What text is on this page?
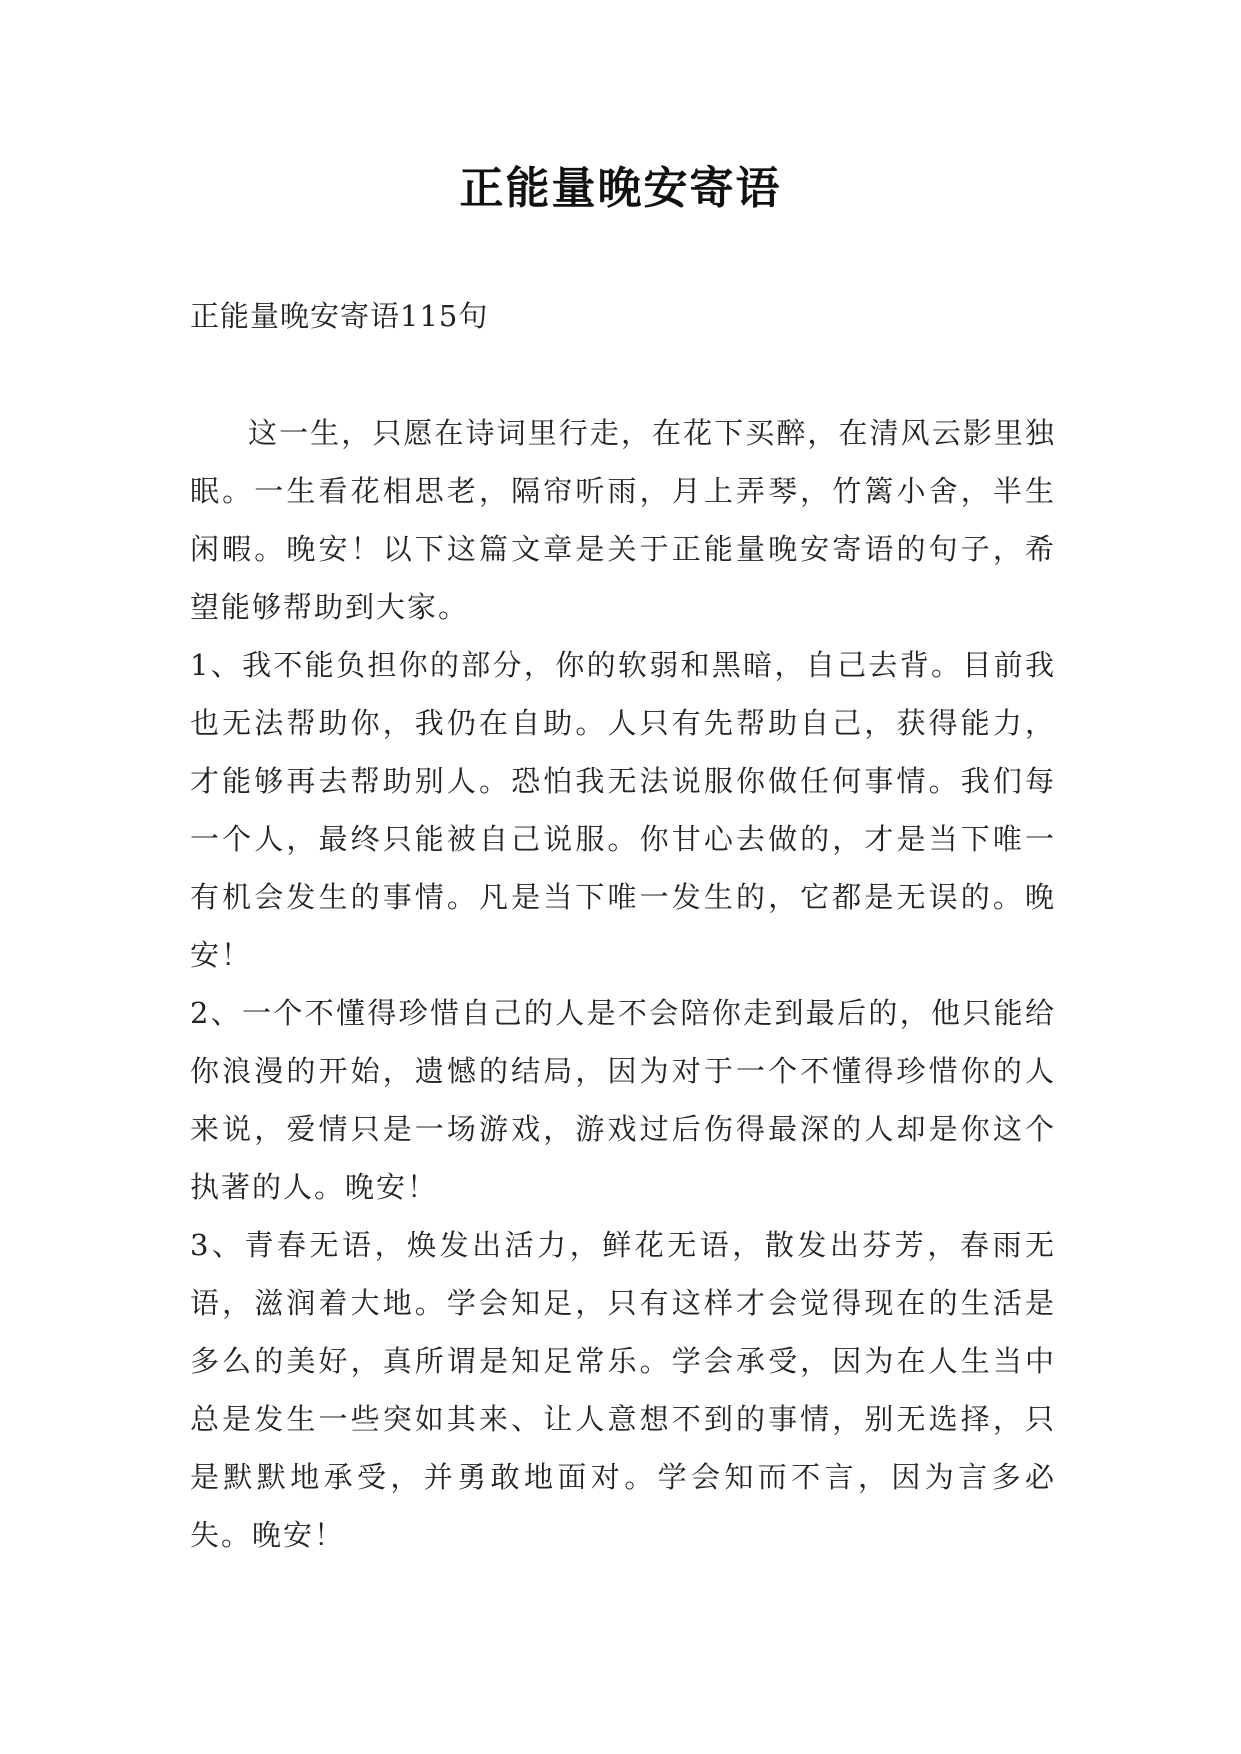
正能量晚安寄语

正能量晚安寄语115句

这一生，只愿在诗词里行走，在花下买醉，在清风云影里独眠。一生看花相思老，隔帘听雨，月上弄琴，竹篱小舍，半生闲暇。晚安！以下这篇文章是关于正能量晚安寄语的句子，希望能够帮助到大家。

1、我不能负担你的部分，你的软弱和黑暗，自己去背。目前我也无法帮助你，我仍在自助。人只有先帮助自己，获得能力，才能够再去帮助别人。恐怕我无法说服你做任何事情。我们每一个人，最终只能被自己说服。你甘心去做的，才是当下唯一有机会发生的事情。凡是当下唯一发生的，它都是无误的。晚安！

2、一个不懂得珍惜自己的人是不会陪你走到最后的，他只能给你浪漫的开始，遗憾的结局，因为对于一个不懂得珍惜你的人来说，爱情只是一场游戏，游戏过后伤得最深的人却是你这个执著的人。晚安！

3、青春无语，焕发出活力，鲜花无语，散发出芬芳，春雨无语，滋润着大地。学会知足，只有这样才会觉得现在的生活是多么的美好，真所谓是知足常乐。学会承受，因为在人生当中总是发生一些突如其来、让人意想不到的事情，别无选择，只是默默地承受，并勇敢地面对。学会知而不言，因为言多必失。晚安！
